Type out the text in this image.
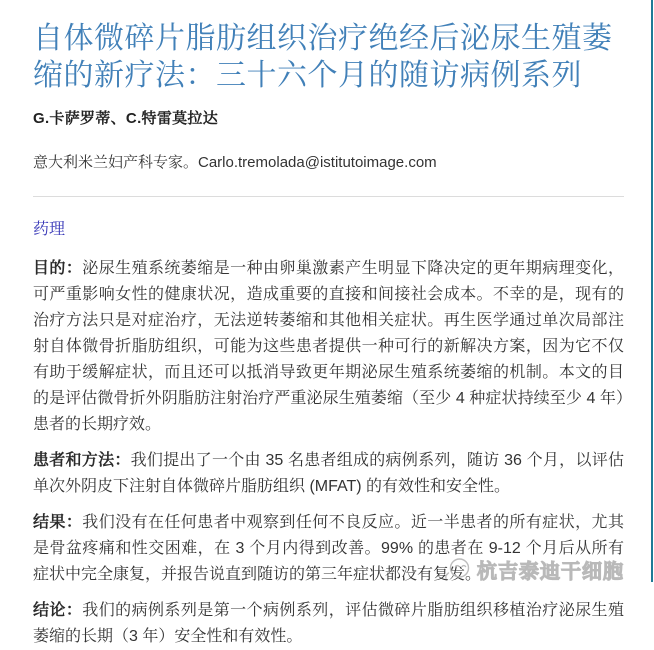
自体微碎片脂肪组织治疗绝经后泌尿生殖萎缩的新疗法：三十六个月的随访病例系列
G.卡萨罗蒂、C.特雷莫拉达
意大利米兰妇产科专家。Carlo.tremolada@istitutoimage.com
药理

目的：泌尿生殖系统萎缩是一种由卵巢激素产生明显下降决定的更年期病理变化，可严重影响女性的健康状况，造成重要的直接和间接社会成本。不幸的是，现有的治疗方法只是对症治疗，无法逆转萎缩和其他相关症状。再生医学通过单次局部注射自体微骨折脂肪组织，可能为这些患者提供一种可行的新解决方案，因为它不仅有助于缓解症状，而且还可以抵消导致更年期泌尿生殖系统萎缩的机制。本文的目的是评估微骨折外阴脂肪注射治疗严重泌尿生殖萎缩（至少 4 种症状持续至少 4 年）患者的长期疗效。

患者和方法：我们提出了一个由 35 名患者组成的病例系列，随访 36 个月，以评估单次外阴皮下注射自体微碎片脂肪组织 (MFAT) 的有效性和安全性。

结果：我们没有在任何患者中观察到任何不良反应。近一半患者的所有症状，尤其是骨盆疼痛和性交困难，在 3 个月内得到改善。99% 的患者在 9-12 个月后从所有症状中完全康复，并报告说直到随访的第三年症状都没有复发。

结论：我们的病例系列是第一个病例系列，评估微碎片脂肪组织移植治疗泌尿生殖萎缩的长期（3 年）安全性和有效性。

杭吉泰迪干细胞
